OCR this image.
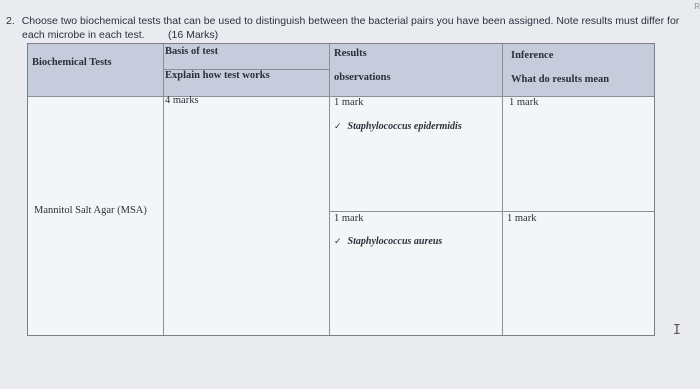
R
2. Choose two biochemical tests that can be used to distinguish between the bacterial pairs you have been assigned. Note results must differ for
each microbe in each test.	(16 Marks)
Biochemical Tests
Basis of test
Explain how test works
Results
observations
Inference
What do results mean
Mannitol Salt Agar (MSA)
4 marks	1 mark
✓ Staphylococcus epidermidis
1 mark
✓ Staphylococcus aureus
1 mark
1 mark
I
